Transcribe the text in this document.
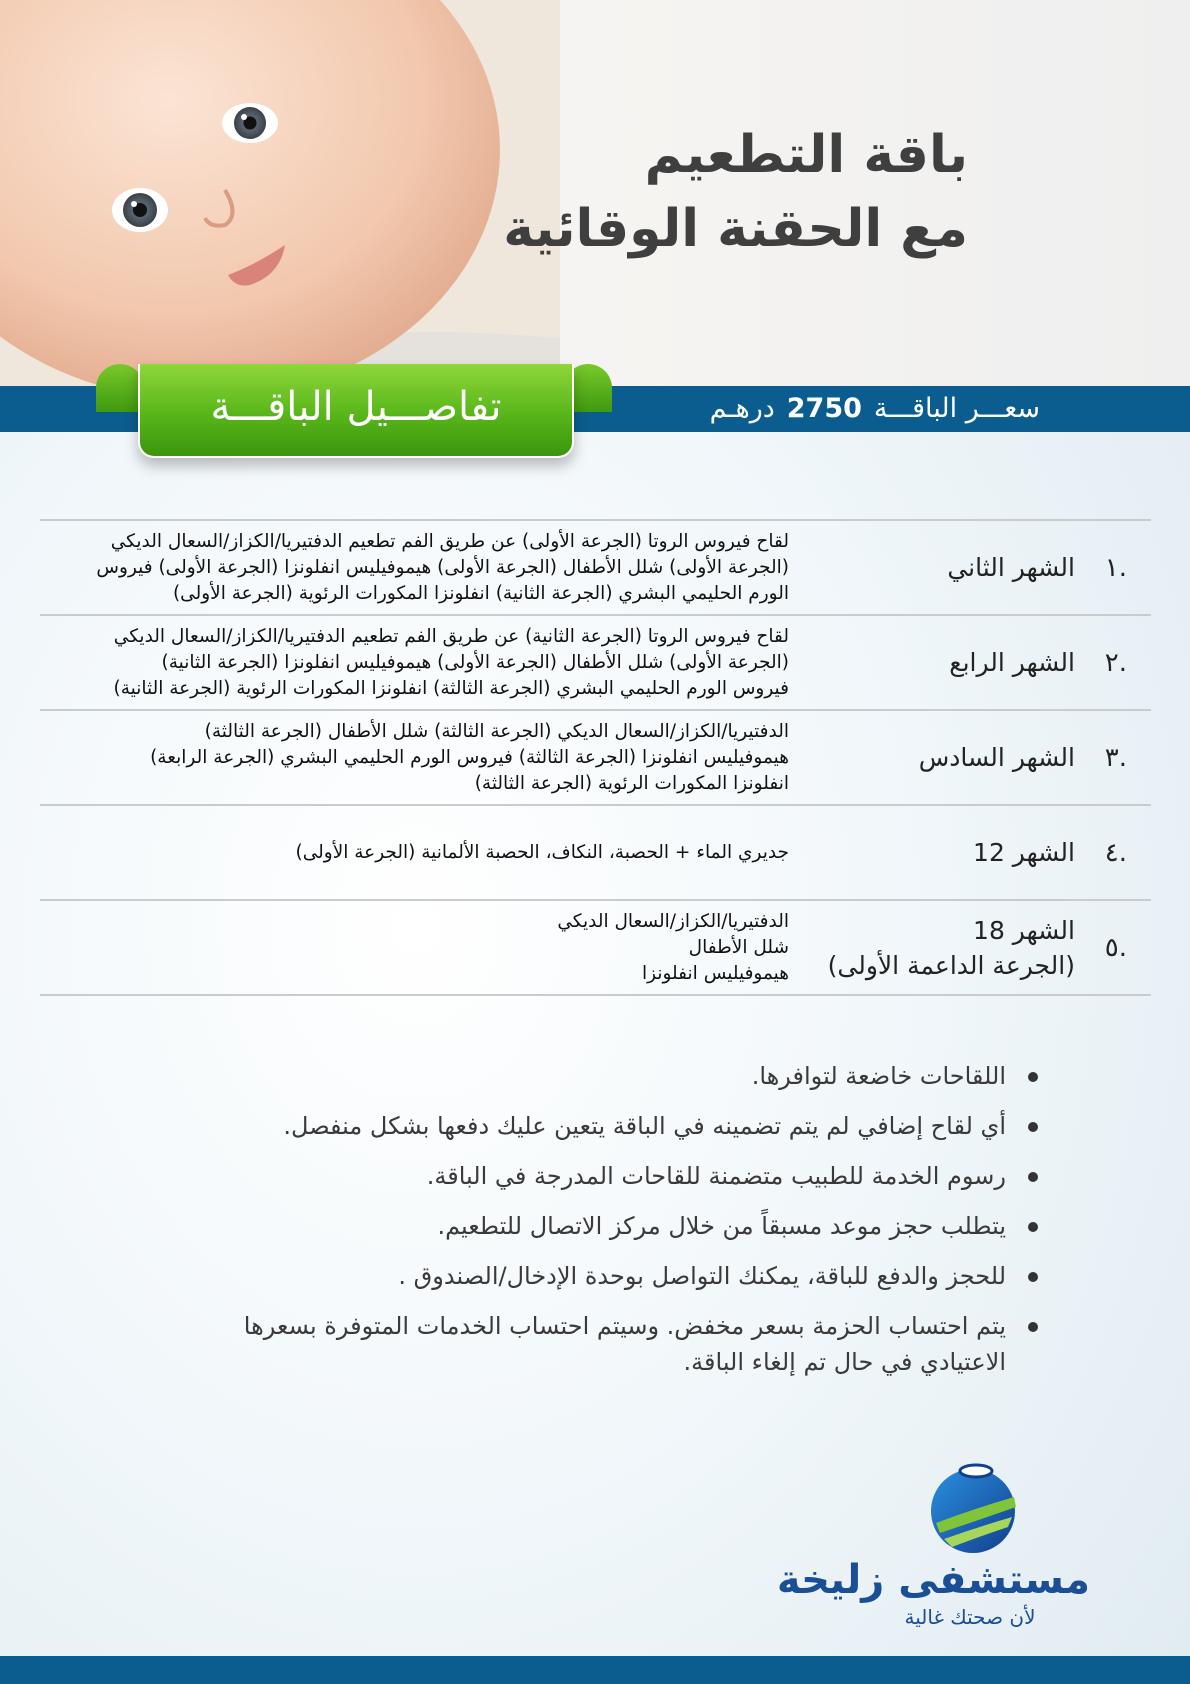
باقة التطعيم
مع الحقنة الوقائية
سعـــر الباقـــة2750درهـم
تفاصـــيل الباقـــة
.١
الشهر الثاني
لقاح فيروس الروتا (الجرعة الأولى) عن طريق الفم تطعيم الدفتيريا/الكزاز/السعال الديكي
(الجرعة الأولى) شلل الأطفال (الجرعة الأولى) هيموفيليس انفلونزا (الجرعة الأولى) فيروس
الورم الحليمي البشري (الجرعة الثانية) انفلونزا المكورات الرئوية (الجرعة الأولى)
.٢
الشهر الرابع
لقاح فيروس الروتا (الجرعة الثانية) عن طريق الفم تطعيم الدفتيريا/الكزاز/السعال الديكي
(الجرعة الأولى) شلل الأطفال (الجرعة الأولى) هيموفيليس انفلونزا (الجرعة الثانية)
فيروس الورم الحليمي البشري (الجرعة الثالثة) انفلونزا المكورات الرئوية (الجرعة الثانية)
.٣
الشهر السادس
الدفتيريا/الكزاز/السعال الديكي (الجرعة الثالثة) شلل الأطفال (الجرعة الثالثة)
هيموفيليس انفلونزا (الجرعة الثالثة) فيروس الورم الحليمي البشري (الجرعة الرابعة)
انفلونزا المكورات الرئوية (الجرعة الثالثة)
.٤
الشهر 12
جديري الماء + الحصبة، النكاف، الحصبة الألمانية (الجرعة الأولى)
.٥
الشهر 18
(الجرعة الداعمة الأولى)
الدفتيريا/الكزاز/السعال الديكي
شلل الأطفال
هيموفيليس انفلونزا
اللقاحات خاضعة لتوافرها.
أي لقاح إضافي لم يتم تضمينه في الباقة يتعين عليك دفعها بشكل منفصل.
رسوم الخدمة للطبيب متضمنة للقاحات المدرجة في الباقة.
يتطلب حجز موعد مسبقاً من خلال مركز الاتصال للتطعيم.
للحجز والدفع للباقة، يمكنك التواصل بوحدة الإدخال/الصندوق .
يتم احتساب الحزمة بسعر مخفض. وسيتم احتساب الخدمات المتوفرة بسعرها
الاعتيادي في حال تم إلغاء الباقة.
مستشفى زليخة
لأن صحتك غالية
